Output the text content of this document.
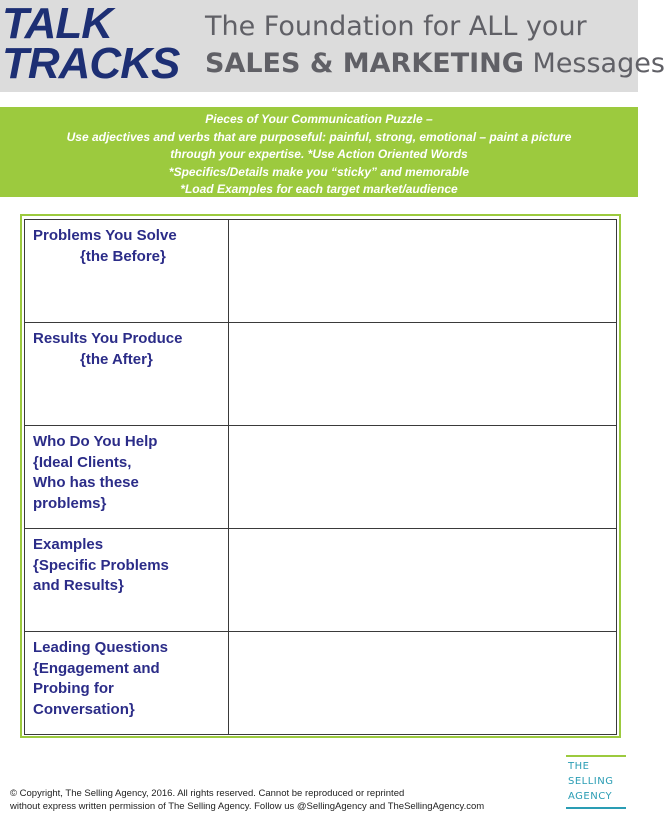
TALK
TRACKS
The Foundation for ALL your
SALES & MARKETING Messages
Pieces of Your Communication Puzzle –
Use adjectives and verbs that are purposeful: painful, strong, emotional – paint a picture
through your expertise. *Use Action Oriented Words
*Specifics/Details make you “sticky” and memorable
*Load Examples for each target market/audience
Problems You Solve
{the Before}	

Results You Produce
{the After}	

Who Do You Help
{Ideal Clients,
Who has these
problems}	

Examples
{Specific Problems
and Results}	

Leading Questions
{Engagement and
Probing for
Conversation}	

© Copyright, The Selling Agency, 2016. All rights reserved. Cannot be reproduced or reprinted
without express written permission of The Selling Agency. Follow us @SellingAgency and TheSellingAgency.com
THE
SELLING
AGENCY
